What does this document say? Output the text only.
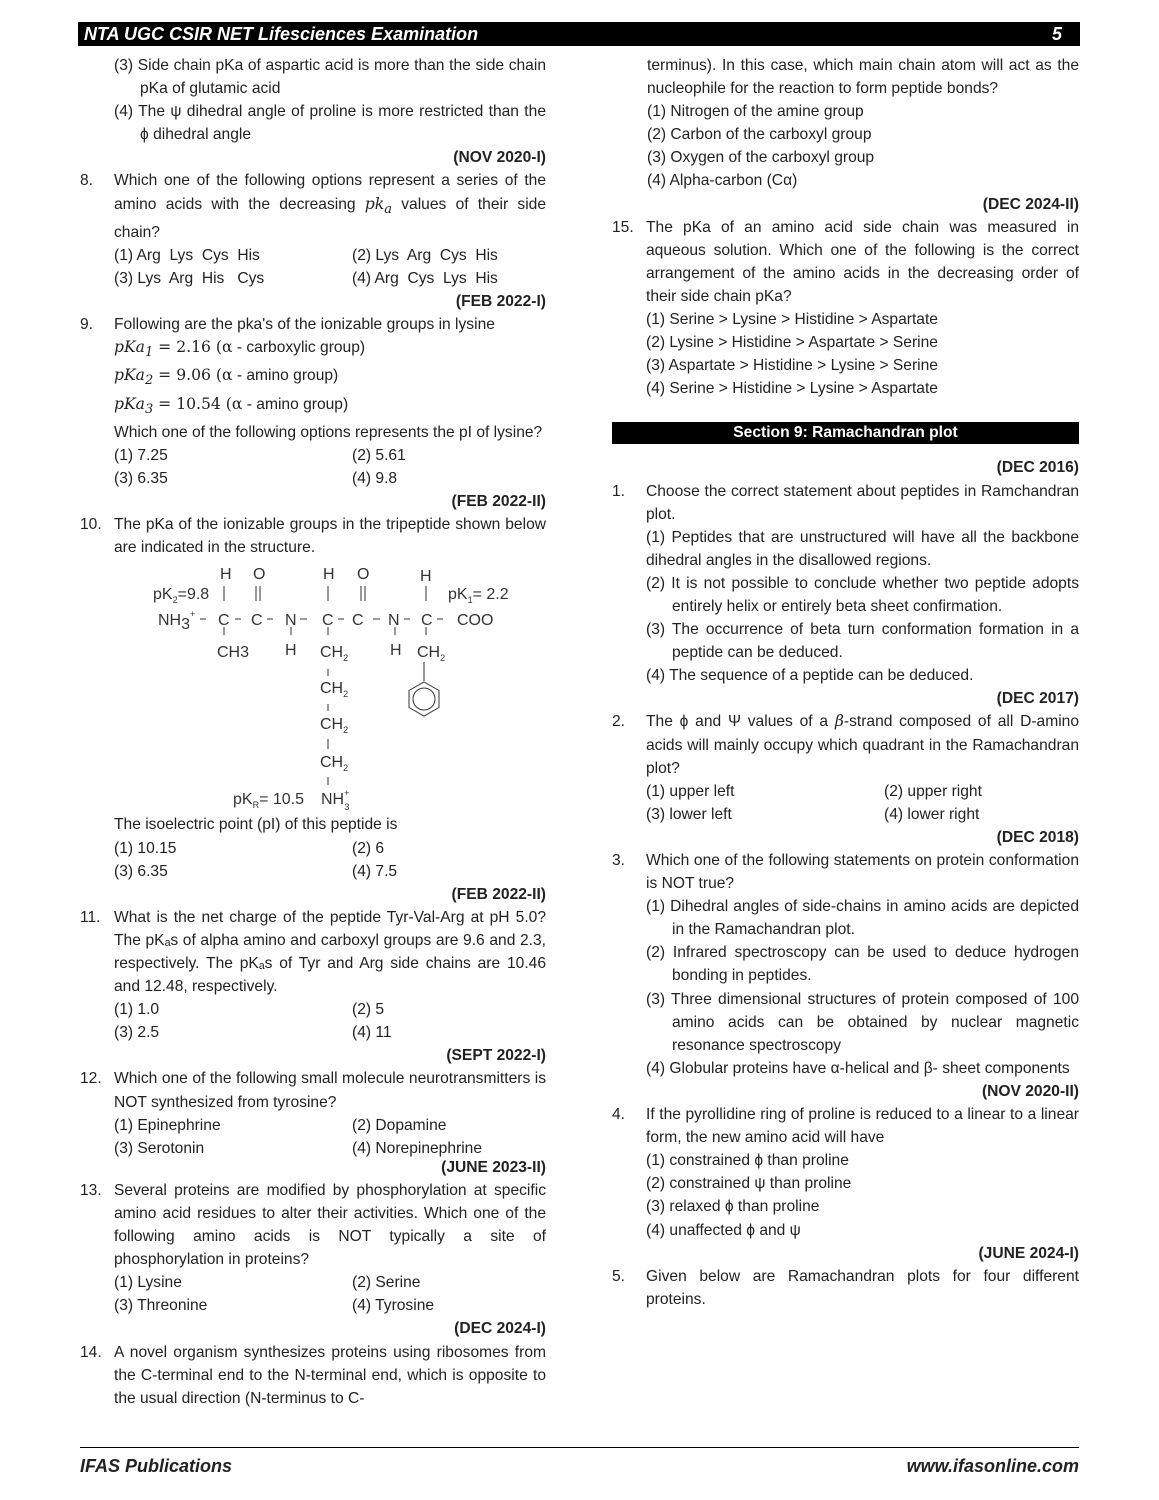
NTA UGC CSIR NET Lifesciences Examination	5
(3) Side chain pKa of aspartic acid is more than the side chain pKa of glutamic acid
(4) The ψ dihedral angle of proline is more restricted than the ϕ dihedral angle
(NOV 2020-I)
8.	Which one of the following options represent a series of the amino acids with the decreasing $pk_a$ values of their side chain?
(1) Arg  Lys  Cys  His	(2) Lys  Arg  Cys  His
(3) Lys  Arg  His   Cys	(4) Arg  Cys  Lys  His
(FEB 2022-I)
9.	Following are the pka's of the ionizable groups in lysine
pKa$_1$ = 2.16 (α - carboxylic group)
pKa$_2$ = 9.06 (α - amino group)
pKa$_3$ = 10.54 (α - amino group)
Which one of the following options represents the pI of lysine?
(1) 7.25	(2) 5.61
(3) 6.35	(4) 9.8
(FEB 2022-II)
10. The pKa of the ionizable groups in the tripeptide shown below are indicated in the structure.
H O	H O	H
$pK_2=9.8$	$pK_1= 2.2$
NH3+ C C N C C N C COO
CH3 H $CH_2$	H $CH_2$
$CH_2$
$CH_2$
$CH_2$
$pK_R= 10.5$ NH+ 3
The isoelectric point (pI) of this peptide is
(1) 10.15	(2) 6
(3) 6.35	(4) 7.5
(FEB 2022-II)
11. What is the net charge of the peptide Tyr-Val-Arg at pH 5.0? The pKₐs of alpha amino and carboxyl groups are 9.6 and 2.3, respectively. The pKₐs of Tyr and Arg side chains are 10.46 and 12.48, respectively.
(1) 1.0	(2) 5
(3) 2.5	(4) 11
(SEPT 2022-I)
12. Which one of the following small molecule neurotransmitters is NOT synthesized from tyrosine?
(1) Epinephrine	(2) Dopamine
(3) Serotonin	(4) Norepinephrine
(JUNE 2023-II)
13. Several proteins are modified by phosphorylation at specific amino acid residues to alter their activities. Which one of the following amino acids is NOT typically a site of phosphorylation in proteins?
(1) Lysine	(2) Serine
(3) Threonine	(4) Tyrosine
(DEC 2024-I)
14. A novel organism synthesizes proteins using ribosomes from the C-terminal end to the N-terminal end, which is opposite to the usual direction (N-terminus to C-
terminus). In this case, which main chain atom will act as the nucleophile for the reaction to form peptide bonds?
(1) Nitrogen of the amine group
(2) Carbon of the carboxyl group
(3) Oxygen of the carboxyl group
(4) Alpha-carbon (Cα)
(DEC 2024-II)
15. The pKa of an amino acid side chain was measured in aqueous solution. Which one of the following is the correct arrangement of the amino acids in the decreasing order of their side chain pKa?
(1) Serine > Lysine > Histidine > Aspartate
(2) Lysine > Histidine > Aspartate > Serine
(3) Aspartate > Histidine > Lysine > Serine
(4) Serine > Histidine > Lysine > Aspartate
Section 9: Ramachandran plot
(DEC 2016)
1.	Choose the correct statement about peptides in Ramchandran plot.
(1) Peptides that are unstructured will have all the backbone dihedral angles in the disallowed regions.
(2) It is not possible to conclude whether two peptide adopts entirely helix or entirely beta sheet confirmation.
(3) The occurrence of beta turn conformation formation in a peptide can be deduced.
(4) The sequence of a peptide can be deduced.
(DEC 2017)
2.	The ϕ and Ψ values of a β-strand composed of all D-amino acids will mainly occupy which quadrant in the Ramachandran plot?
(1) upper left	(2) upper right
(3) lower left	(4) lower right
(DEC 2018)
3.	Which one of the following statements on protein conformation is NOT true?
(1) Dihedral angles of side-chains in amino acids are depicted in the Ramachandran plot.
(2) Infrared spectroscopy can be used to deduce hydrogen bonding in peptides.
(3) Three dimensional structures of protein composed of 100 amino acids can be obtained by nuclear magnetic resonance spectroscopy
(4) Globular proteins have α-helical and β- sheet components
(NOV 2020-II)
4.	If the pyrollidine ring of proline is reduced to a linear to a linear form, the new amino acid will have
(1) constrained ϕ than proline
(2) constrained ψ than proline
(3) relaxed ϕ than proline
(4) unaffected ϕ and ψ
(JUNE 2024-I)
5.	Given below are Ramachandran plots for four different proteins.
IFAS Publications	www.ifasonline.com
